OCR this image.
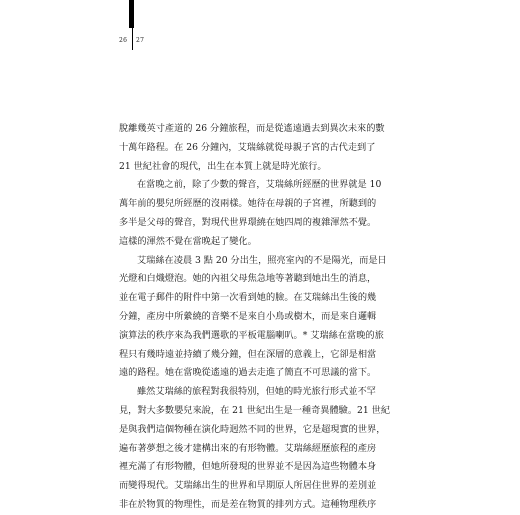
26 27
脫離幾英寸產道的 26 分鐘旅程，而是從遙遠過去到異次未來的數
十萬年路程。在 26 分鐘內，艾瑞絲就從母親子宮的古代走到了
21 世紀社會的現代，出生在本質上就是時光旅行。
在當晚之前，除了少數的聲音，艾瑞絲所經歷的世界就是 10
萬年前的嬰兒所經歷的沒兩樣。她待在母親的子宮裡，所聽到的
多半是父母的聲音，對現代世界環繞在她四周的複雜渾然不覺。
這樣的渾然不覺在當晚起了變化。
艾瑞絲在凌晨 3 點 20 分出生，照亮室內的不是陽光，而是日
光燈和白熾燈泡。她的內祖父母焦急地等著聽到她出生的消息，
並在電子郵件的附件中第一次看到她的臉。在艾瑞絲出生後的幾
分鐘，產房中所縈繞的音樂不是來自小鳥或樹木，而是來自邏輯
演算法的秩序來為我們選歌的平板電腦喇叭。* 艾瑞絲在當晚的旅
程只有幾時遠並持續了幾分鐘，但在深層的意義上，它卻是相當
遠的路程。她在當晚從遙遠的過去走進了簡直不可思議的當下。
雖然艾瑞絲的旅程對我很特別，但她的時光旅行形式並不罕
見，對大多數嬰兒來說，在 21 世紀出生是一種奇異體驗。21 世紀
是與我們這個物種在演化時迥然不同的世界，它是超現實的世界，
遍布著夢想之後才建構出來的有形物體。艾瑞絲經歷旅程的產房
裡充滿了有形物體，但她所發現的世界並不是因為這些物體本身
而變得現代。艾瑞絲出生的世界和早期原人所居住世界的差別並
非在於物質的物理性，而是差在物質的排列方式。這種物理秩序
